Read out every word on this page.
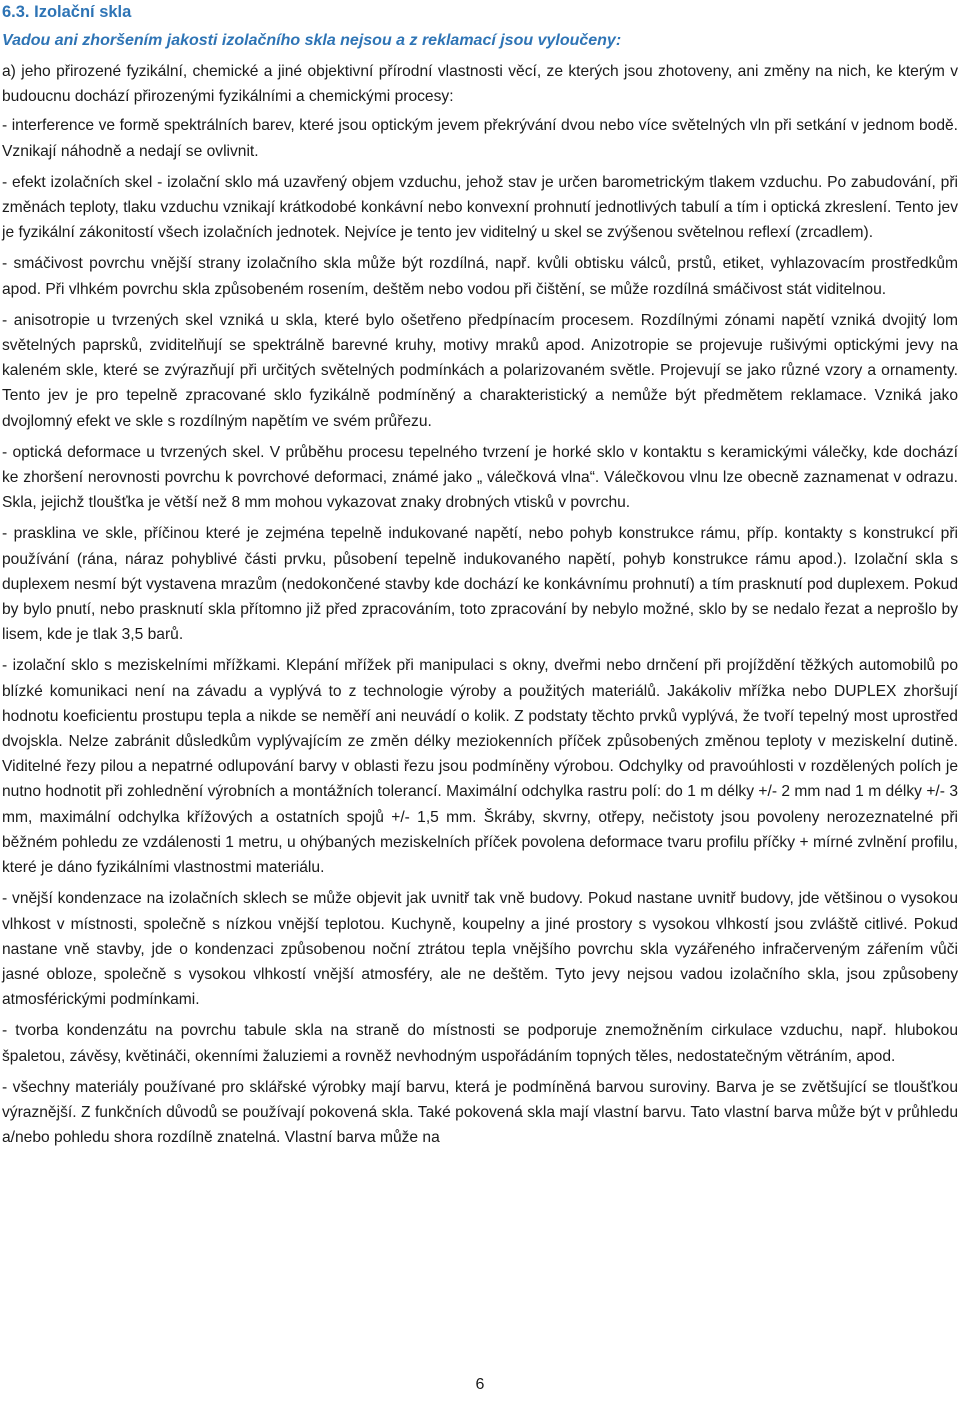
6.3. Izolační skla

Vadou ani zhoršením jakosti izolačního skla nejsou a z reklamací jsou vyloučeny:

a) jeho přirozené fyzikální, chemické a jiné objektivní přírodní vlastnosti věcí, ze kterých jsou zhotoveny, ani změny na nich, ke kterým v budoucnu dochází přirozenými fyzikálními a chemickými procesy:

- interference ve formě spektrálních barev, které jsou optickým jevem překrývání dvou nebo více světelných vln při setkání v jednom bodě. Vznikají náhodně a nedají se ovlivnit.

- efekt izolačních skel - izolační sklo má uzavřený objem vzduchu, jehož stav je určen barometrickým tlakem vzduchu. Po zabudování, při změnách teploty, tlaku vzduchu vznikají krátkodobé konkávní nebo konvexní prohnutí jednotlivých tabulí a tím i optická zkreslení. Tento jev je fyzikální zákonitostí všech izolačních jednotek. Nejvíce je tento jev viditelný u skel se zvýšenou světelnou reflexí (zrcadlem).

- smáčivost povrchu vnější strany izolačního skla může být rozdílná, např. kvůli obtisku válců, prstů, etiket, vyhlazovacím prostředkům apod. Při vlhkém povrchu skla způsobeném rosením, deštěm nebo vodou při čištění, se může rozdílná smáčivost stát viditelnou.

- anisotropie u tvrzených skel vzniká u skla, které bylo ošetřeno předpínacím procesem. Rozdílnými zónami napětí vzniká dvojitý lom světelných paprsků, zviditelňují se spektrálně barevné kruhy, motivy mraků apod. Anizotropie se projevuje rušivými optickými jevy na kaleném skle, které se zvýrazňují při určitých světelných podmínkách a polarizovaném světle. Projevují se jako různé vzory a ornamenty. Tento jev je pro tepelně zpracované sklo fyzikálně podmíněný a charakteristický a nemůže být předmětem reklamace. Vzniká jako dvojlomný efekt ve skle s rozdílným napětím ve svém průřezu.

- optická deformace u tvrzených skel. V průběhu procesu tepelného tvrzení je horké sklo v kontaktu s keramickými válečky, kde dochází ke zhoršení nerovnosti povrchu k povrchové deformaci, známé jako „ válečková vlna“. Válečkovou vlnu lze obecně zaznamenat v odrazu. Skla, jejichž tloušťka je větší než 8 mm mohou vykazovat znaky drobných vtisků v povrchu.

- prasklina ve skle, příčinou které je zejména tepelně indukované napětí, nebo pohyb konstrukce rámu, příp. kontakty s konstrukcí při používání (rána, náraz pohyblivé části prvku, působení tepelně indukovaného napětí, pohyb konstrukce rámu apod.). Izolační skla s duplexem nesmí být vystavena mrazům (nedokončené stavby kde dochází ke konkávnímu prohnutí) a tím prasknutí pod duplexem. Pokud by bylo pnutí, nebo prasknutí skla přítomno již před zpracováním, toto zpracování by nebylo možné, sklo by se nedalo řezat a neprošlo by lisem, kde je tlak 3,5 barů.

- izolační sklo s meziskelními mřížkami. Klepání mřížek při manipulaci s okny, dveřmi nebo drnčení při projíždění těžkých automobilů po blízké komunikaci není na závadu a vyplývá to z technologie výroby a použitých materiálů. Jakákoliv mřížka nebo DUPLEX zhoršují hodnotu koeficientu prostupu tepla a nikde se neměří ani neuvádí o kolik. Z podstaty těchto prvků vyplývá, že tvoří tepelný most uprostřed dvojskla. Nelze zabránit důsledkům vyplývajícím ze změn délky meziokenních příček způsobených změnou teploty v meziskelní dutině. Viditelné řezy pilou a nepatrné odlupování barvy v oblasti řezu jsou podmíněny výrobou. Odchylky od pravoúhlosti v rozdělených polích je nutno hodnotit při zohlednění výrobních a montážních tolerancí. Maximální odchylka rastru polí: do 1 m délky +/- 2 mm nad 1 m délky +/- 3 mm, maximální odchylka křížových a ostatních spojů +/- 1,5 mm. Škráby, skvrny, otřepy, nečistoty jsou povoleny nerozeznatelné při běžném pohledu ze vzdálenosti 1 metru, u ohýbaných meziskelních příček povolena deformace tvaru profilu příčky + mírné zvlnění profilu, které je dáno fyzikálními vlastnostmi materiálu.

- vnější kondenzace na izolačních sklech se může objevit jak uvnitř tak vně budovy. Pokud nastane uvnitř budovy, jde většinou o vysokou vlhkost v místnosti, společně s nízkou vnější teplotou. Kuchyně, koupelny a jiné prostory s vysokou vlhkostí jsou zvláště citlivé. Pokud nastane vně stavby, jde o kondenzaci způsobenou noční ztrátou tepla vnějšího povrchu skla vyzářeného infračerveným zářením vůči jasné obloze, společně s vysokou vlhkostí vnější atmosféry, ale ne deštěm. Tyto jevy nejsou vadou izolačního skla, jsou způsobeny atmosférickými podmínkami.

- tvorba kondenzátu na povrchu tabule skla na straně do místnosti se podporuje znemožněním cirkulace vzduchu, např. hlubokou špaletou, závěsy, květináči, okenními žaluziemi a rovněž nevhodným uspořádáním topných těles, nedostatečným větráním, apod.

- všechny materiály používané pro sklářské výrobky mají barvu, která je podmíněná barvou suroviny. Barva je se zvětšující se tloušťkou výraznější. Z funkčních důvodů se používají pokovená skla. Také pokovená skla mají vlastní barvu. Tato vlastní barva může být v průhledu a/nebo pohledu shora rozdílně znatelná. Vlastní barva může na

6
